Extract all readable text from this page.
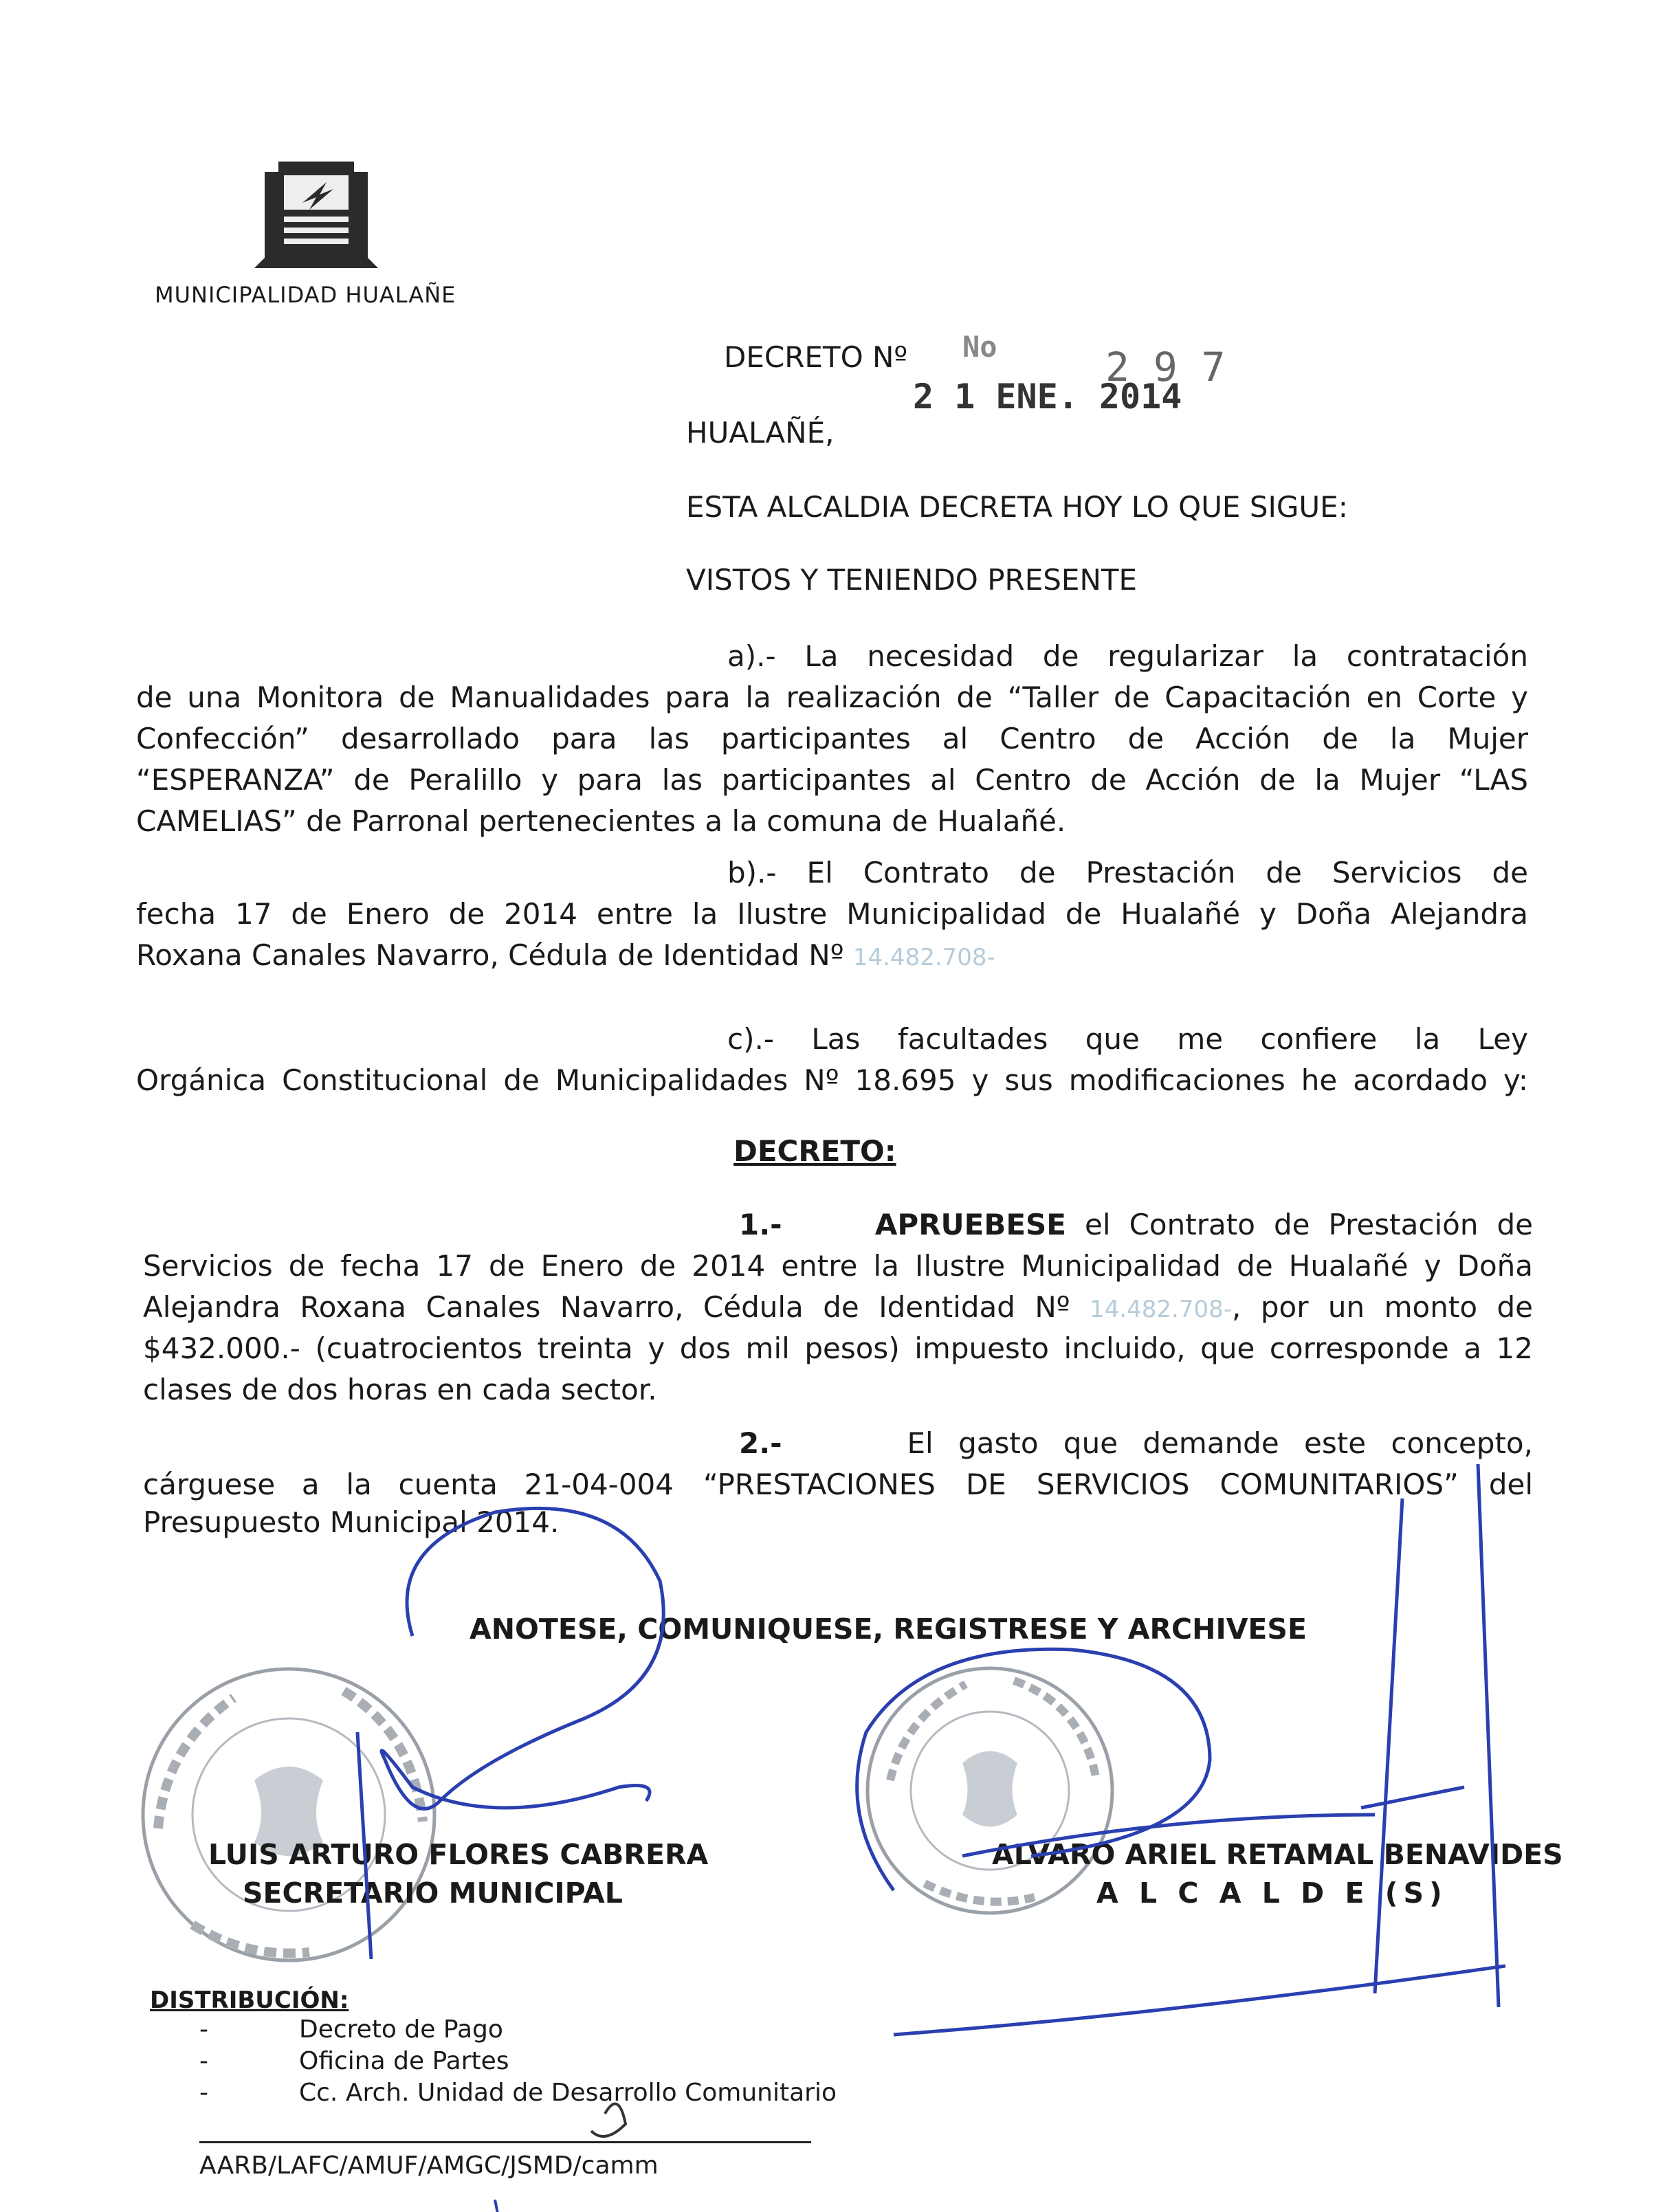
MUNICIPALIDAD HUALAÑE
DECRETO Nº No
2 1 ENE. 2014
2 9 7
HUALAÑÉ,
ESTA ALCALDIA DECRETA HOY LO QUE SIGUE:
VISTOS Y TENIENDO PRESENTE
a).- La necesidad de regularizar la contratación
de una Monitora de Manualidades para la realización de “Taller de Capacitación en Corte y
Confección” desarrollado para las participantes al Centro de Acción de la Mujer
“ESPERANZA” de Peralillo y para las participantes al Centro de Acción de la Mujer “LAS
CAMELIAS” de Parronal pertenecientes a la comuna de Hualañé.
b).- El Contrato de Prestación de Servicios de
fecha 17 de Enero de 2014 entre la Ilustre Municipalidad de Hualañé y Doña Alejandra
Roxana Canales Navarro, Cédula de Identidad Nº 14.482.708-
c).- Las facultades que me confiere la Ley
Orgánica Constitucional de Municipalidades Nº 18.695 y sus modificaciones he acordado y:
DECRETO:
1.-	APRUEBESE el Contrato de Prestación de
Servicios de fecha 17 de Enero de 2014 entre la Ilustre Municipalidad de Hualañé y Doña
Alejandra Roxana Canales Navarro, Cédula de Identidad Nº 14.482.708-, por un monto de
$432.000.- (cuatrocientos treinta y dos mil pesos) impuesto incluido, que corresponde a 12
clases de dos horas en cada sector.
2.-	El gasto que demande este concepto,
cárguese a la cuenta 21-04-004 “PRESTACIONES DE SERVICIOS COMUNITARIOS” del
Presupuesto Municipal 2014.
ANOTESE, COMUNIQUESE, REGISTRESE Y ARCHIVESE
LUIS ARTURO FLORES CABRERA
SECRETARIO MUNICIPAL
ALVARO ARIEL RETAMAL BENAVIDES
A L C A L D E (S)
DISTRIBUCIÓN:
-	Decreto de Pago
-	Oficina de Partes
-	Cc. Arch. Unidad de Desarrollo Comunitario
AARB/LAFC/AMUF/AMGC/JSMD/camm
